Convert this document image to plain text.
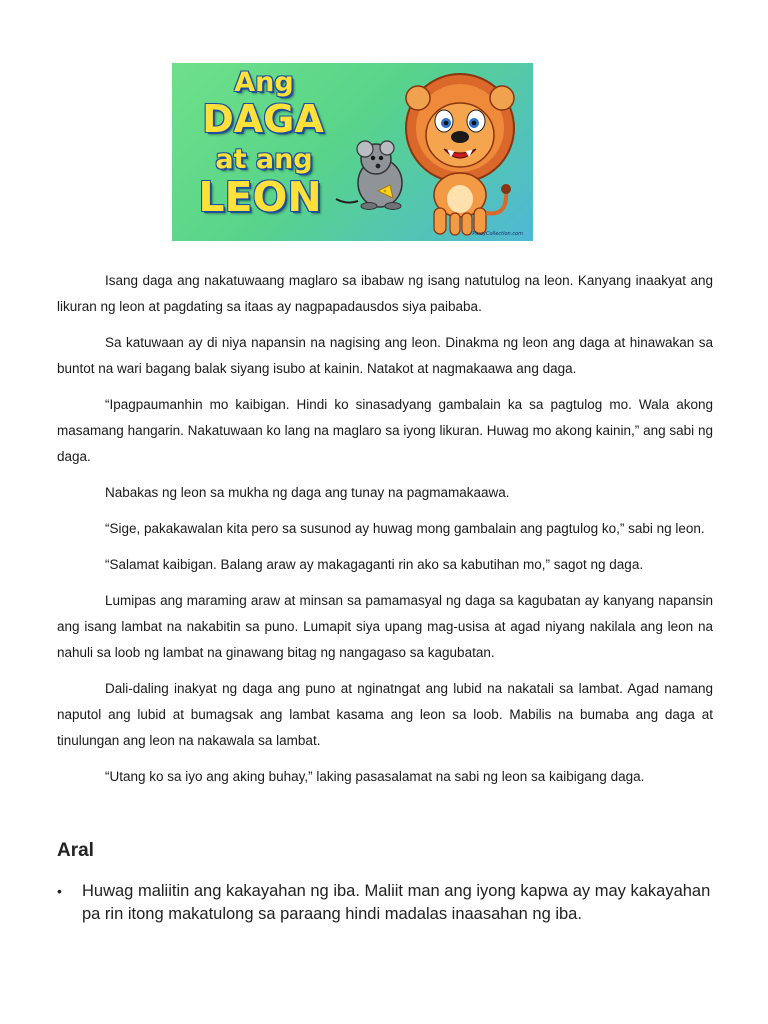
Ang
DAGA
at ang
LEON
PinoyCollection.com

Isang daga ang nakatuwaang maglaro sa ibabaw ng isang natutulog na leon. Kanyang inaakyat ang likuran ng leon at pagdating sa itaas ay nagpapadausdos siya paibaba.

Sa katuwaan ay di niya napansin na nagising ang leon. Dinakma ng leon ang daga at hinawakan sa buntot na wari bagang balak siyang isubo at kainin. Natakot at nagmakaawa ang daga.

“Ipagpaumanhin mo kaibigan. Hindi ko sinasadyang gambalain ka sa pagtulog mo. Wala akong masamang hangarin. Nakatuwaan ko lang na maglaro sa iyong likuran. Huwag mo akong kainin,” ang sabi ng daga.

Nabakas ng leon sa mukha ng daga ang tunay na pagmamakaawa.

“Sige, pakakawalan kita pero sa susunod ay huwag mong gambalain ang pagtulog ko,” sabi ng leon.

“Salamat kaibigan. Balang araw ay makagaganti rin ako sa kabutihan mo,” sagot ng daga.

Lumipas ang maraming araw at minsan sa pamamasyal ng daga sa kagubatan ay kanyang napansin ang isang lambat na nakabitin sa puno. Lumapit siya upang mag-usisa at agad niyang nakilala ang leon na nahuli sa loob ng lambat na ginawang bitag ng nangagaso sa kagubatan.

Dali-daling inakyat ng daga ang puno at nginatngat ang lubid na nakatali sa lambat. Agad namang naputol ang lubid at bumagsak ang lambat kasama ang leon sa loob. Mabilis na bumaba ang daga at tinulungan ang leon na nakawala sa lambat.

“Utang ko sa iyo ang aking buhay,” laking pasasalamat na sabi ng leon sa kaibigang daga.

Aral
•	Huwag maliitin ang kakayahan ng iba. Maliit man ang iyong kapwa ay may kakayahan pa rin itong makatulong sa paraang hindi madalas inaasahan ng iba.
